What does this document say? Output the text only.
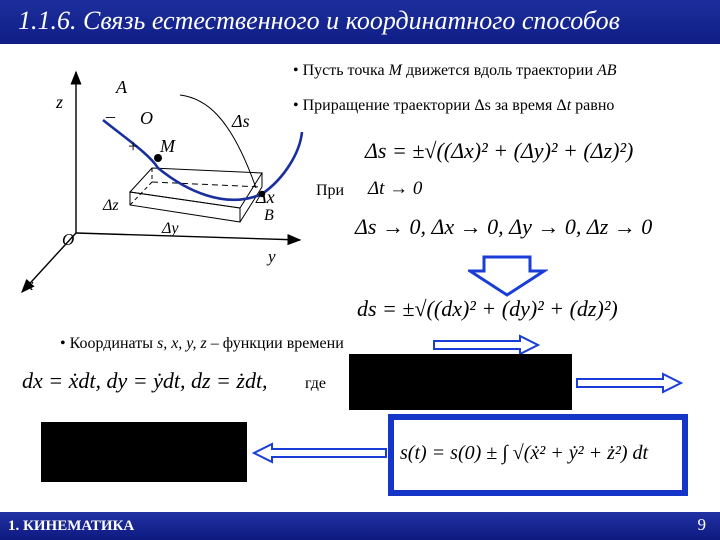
1.1.6. Связь естественного и координатного способов
z
O
x
y
A
– O
+ M
Δs
Δz
Δy
Δx
B
• Пусть точка M движется вдоль траектории AB
• Приращение траектории Δs за время Δt равно
Δs = ±√((Δx)² + (Δy)² + (Δz)²)
При Δt → 0
Δs → 0, Δx → 0, Δy → 0, Δz → 0
ds = ±√((dx)² + (dy)² + (dz)²)
• Координаты s, x, y, z – функции времени
dx = ẋdt, dy = ẏdt, dz = żdt, где
s(t) = s(0) ± ∫ √(ẋ² + ẏ² + ż²) dt
1. КИНЕМАТИКА	9
